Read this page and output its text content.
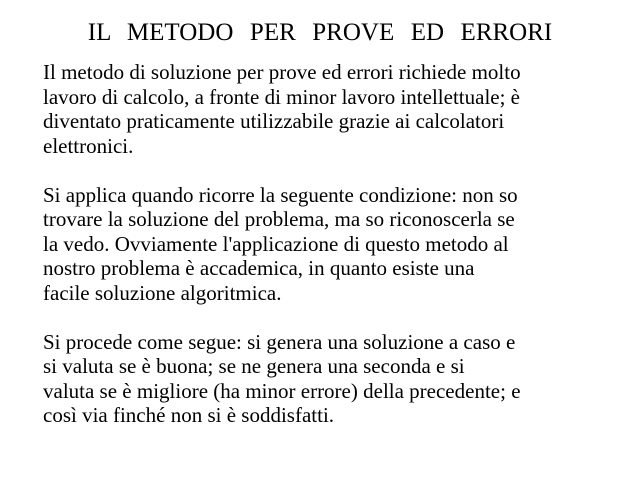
IL  METODO  PER  PROVE  ED  ERRORI

Il metodo di soluzione per prove ed errori richiede molto
lavoro di calcolo, a fronte di minor lavoro intellettuale; è
diventato praticamente utilizzabile grazie ai calcolatori
elettronici.

Si applica quando ricorre la seguente condizione: non so
trovare la soluzione del problema, ma so riconoscerla se
la vedo. Ovviamente l'applicazione di questo metodo al
nostro problema è accademica, in quanto esiste una
facile soluzione algoritmica.

Si procede come segue: si genera una soluzione a caso e
si valuta se è buona; se ne genera una seconda e si
valuta se è migliore (ha minor errore) della precedente; e
così via finché non si è soddisfatti.
